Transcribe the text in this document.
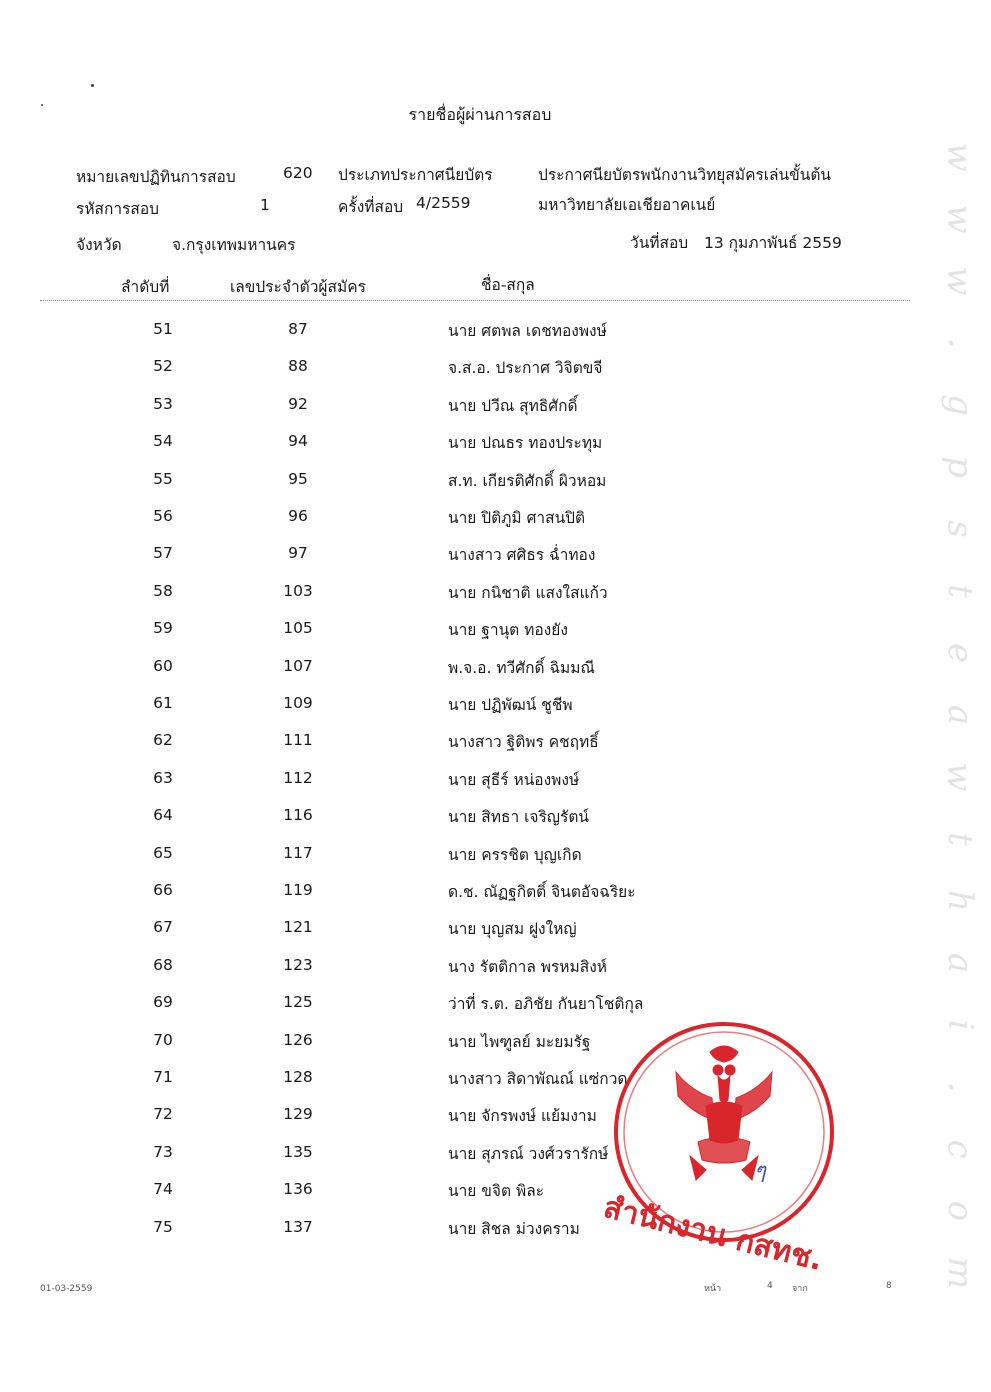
รายชื่อผู้ผ่านการสอบ
หมายเลขปฏิทินการสอบ	620 ประเภทประกาศนียบัตร	ประกาศนียบัตรพนักงานวิทยุสมัครเล่นขั้นต้น
รหัสการสอบ	1	ครั้งที่สอบ 4/2559	มหาวิทยาลัยเอเชียอาคเนย์
จังหวัด	จ.กรุงเทพมหานคร	วันที่สอบ 13 กุมภาพันธ์ 2559
ลำดับที่	เลขประจำตัวผู้สมัคร	ชื่อ-สกุล
51	87	นาย ศตพล เดชทองพงษ์
52	88	จ.ส.อ. ประกาศ วิจิตขจี
53	92	นาย ปวีณ สุทธิศักดิ์
54	94	นาย ปณธร ทองประทุม
55	95	ส.ท. เกียรติศักดิ์ ผิวหอม
56	96	นาย ปิติภูมิ ศาสนปิติ
57	97	นางสาว ศศิธร ฉ่ำทอง
58	103	นาย กนิชาติ แสงใสแก้ว
59	105	นาย ฐานุต ทองยัง
60	107	พ.จ.อ. ทวีศักดิ์ ฉิมมณี
61	109	นาย ปฏิพัฒน์ ชูชีพ
62	111	นางสาว ฐิติพร คชฤทธิ์
63	112	นาย สุธีร์ หน่องพงษ์
64	116	นาย สิทธา เจริญรัตน์
65	117	นาย ครรชิต บุญเกิด
66	119	ด.ช. ณัฏฐกิตติ์ จินตอัจฉริยะ
67	121	นาย บุญสม ฝูงใหญ่
68	123	นาง รัตติกาล พรหมสิงห์
69	125	ว่าที่ ร.ต. อภิชัย กันยาโชติกุล
70	126	นาย ไพฑูลย์ มะยมรัฐ
71	128	นางสาว สิดาพัณณ์ แซ่กวด
72	129	นาย จักรพงษ์ แย้มงาม
73	135	นาย สุภรณ์ วงศ์วรารักษ์
74	136	นาย ขจิต พิละ
75	137	นาย สิชล ม่วงคราม
ๆ
สำนักงาน กสทช.
w
w
w
.
g
p
s
t
e
a
w
t
h
a
i
.
c
o
m
01-03-2559	หน้า	4 จาก	8
